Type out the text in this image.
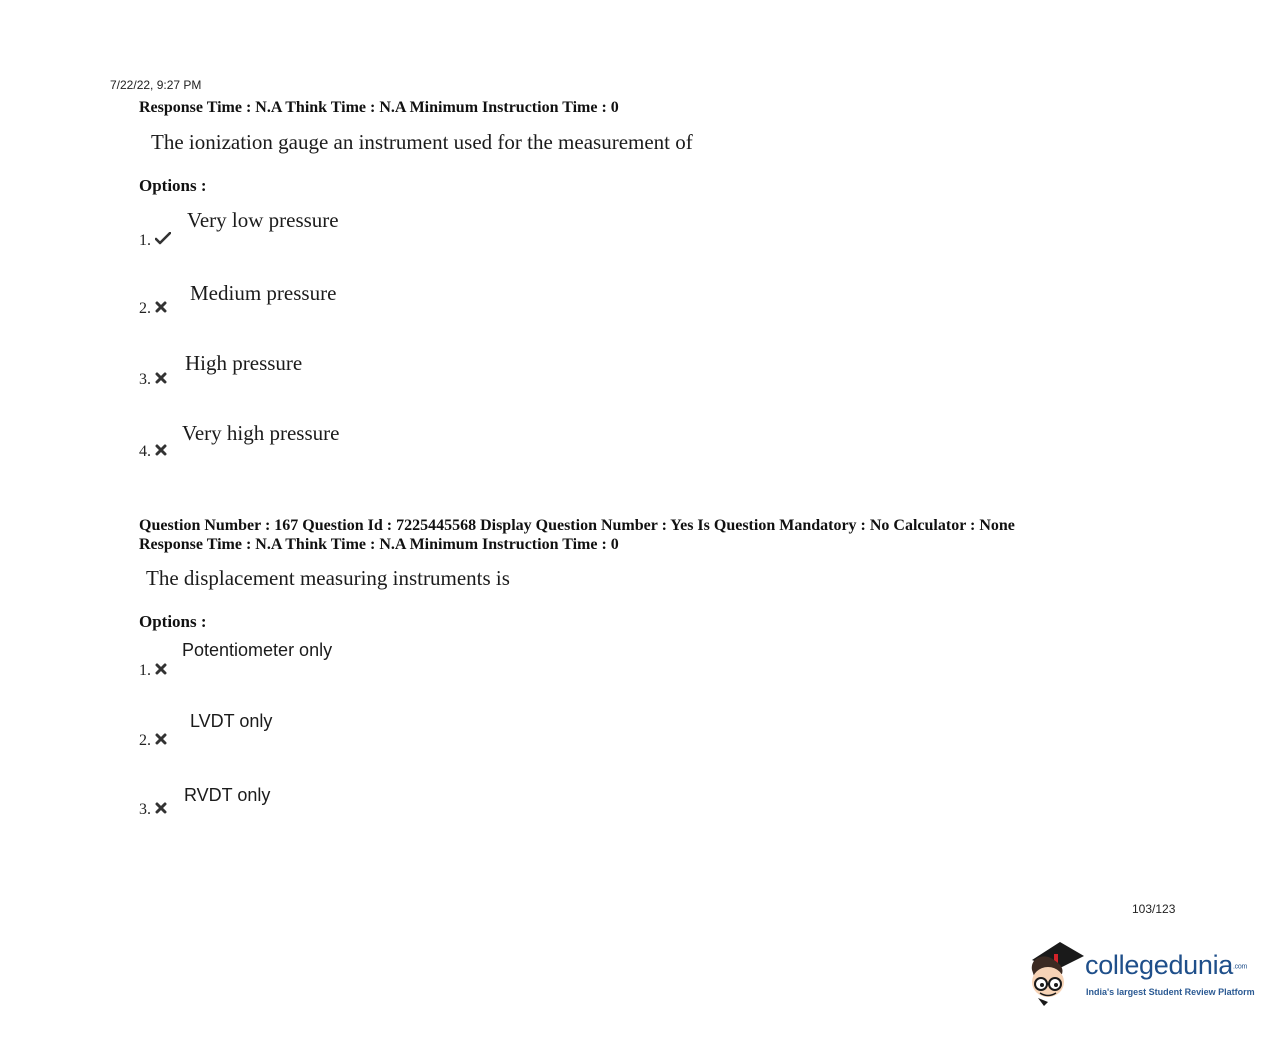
7/22/22, 9:27 PM
Response Time : N.A Think Time : N.A Minimum Instruction Time : 0
The ionization gauge an instrument used for the measurement of
Options :
Very low pressure
1.
Medium pressure
2.
High pressure
3.
Very high pressure
4.
Question Number : 167 Question Id : 7225445568 Display Question Number : Yes Is Question Mandatory : No Calculator : None
Response Time : N.A Think Time : N.A Minimum Instruction Time : 0
The displacement measuring instruments is
Options :
Potentiometer only
1.
LVDT only
2.
RVDT only
3.
103/123
collegedunia.com
India's largest Student Review Platform
